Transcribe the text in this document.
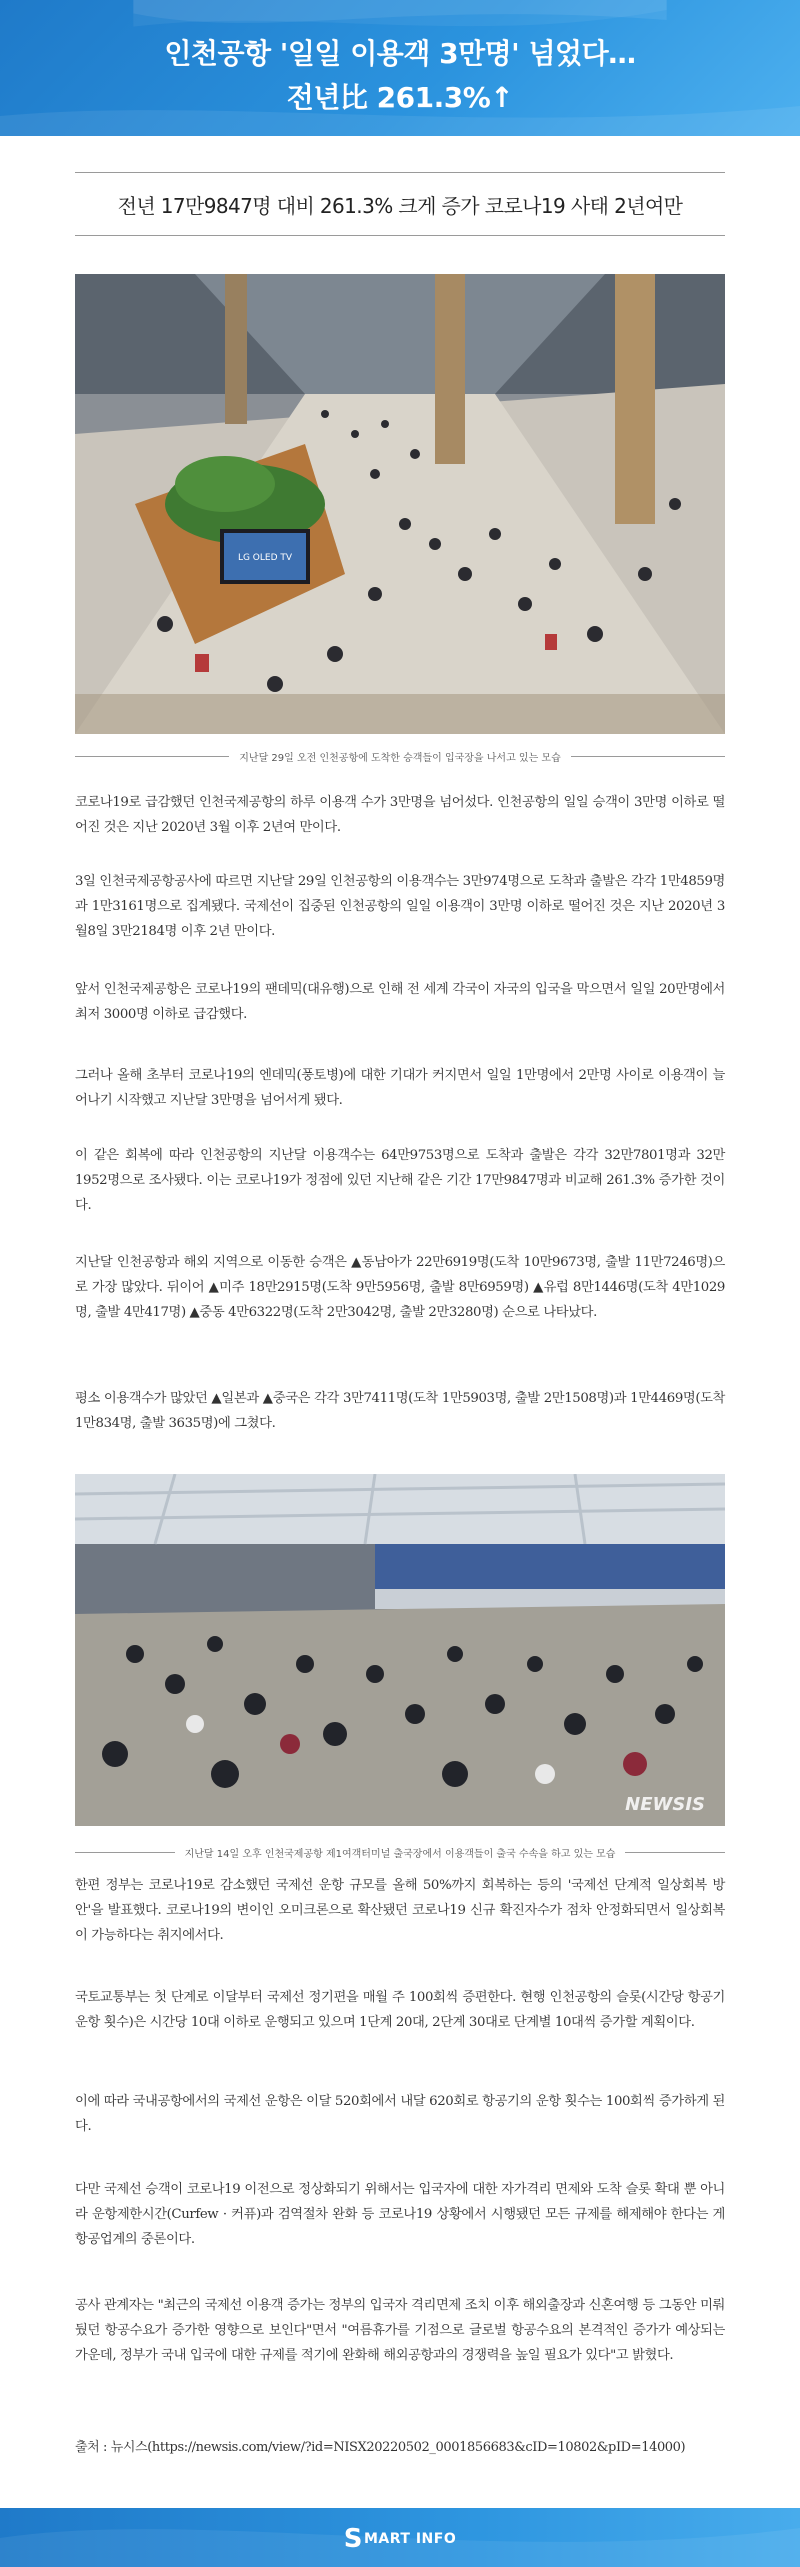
인천공항 '일일 이용객 3만명' 넘었다…
전년比 261.3%↑
전년 17만9847명 대비 261.3% 크게 증가 코로나19 사태 2년여만
LG OLED TV
지난달 29일 오전 인천공항에 도착한 승객들이 입국장을 나서고 있는 모습

코로나19로 급감했던 인천국제공항의 하루 이용객 수가 3만명을 넘어섰다. 인천공항의 일일 승객이 3만명 이하로 떨어진 것은 지난 2020년 3월 이후 2년여 만이다.

3일 인천국제공항공사에 따르면 지난달 29일 인천공항의 이용객수는 3만974명으로 도착과 출발은 각각 1만4859명과 1만3161명으로 집계됐다. 국제선이 집중된 인천공항의 일일 이용객이 3만명 이하로 떨어진 것은 지난 2020년 3월8일 3만2184명 이후 2년 만이다.

앞서 인천국제공항은 코로나19의 팬데믹(대유행)으로 인해 전 세계 각국이 자국의 입국을 막으면서 일일 20만명에서 최저 3000명 이하로 급감했다.

그러나 올해 초부터 코로나19의 엔데믹(풍토병)에 대한 기대가 커지면서 일일 1만명에서 2만명 사이로 이용객이 늘어나기 시작했고 지난달 3만명을 넘어서게 됐다.

이 같은 회복에 따라 인천공항의 지난달 이용객수는 64만9753명으로 도착과 출발은 각각 32만7801명과 32만1952명으로 조사됐다. 이는 코로나19가 정점에 있던 지난해 같은 기간 17만9847명과 비교해 261.3% 증가한 것이다.

지난달 인천공항과 해외 지역으로 이동한 승객은 ▲동남아가 22만6919명(도착 10만9673명, 출발 11만7246명)으로 가장 많았다. 뒤이어 ▲미주 18만2915명(도착 9만5956명, 출발 8만6959명) ▲유럽 8만1446명(도착 4만1029명, 출발 4만417명) ▲중동 4만6322명(도착 2만3042명, 출발 2만3280명) 순으로 나타났다.

평소 이용객수가 많았던 ▲일본과 ▲중국은 각각 3만7411명(도착 1만5903명, 출발 2만1508명)과 1만4469명(도착 1만834명, 출발 3635명)에 그쳤다.

NEWSIS
지난달 14일 오후 인천국제공항 제1여객터미널 출국장에서 이용객들이 출국 수속을 하고 있는 모습

한편 정부는 코로나19로 감소했던 국제선 운항 규모를 올해 50%까지 회복하는 등의 '국제선 단계적 일상회복 방안'을 발표했다. 코로나19의 변이인 오미크론으로 확산됐던 코로나19 신규 확진자수가 점차 안정화되면서 일상회복이 가능하다는 취지에서다.

국토교통부는 첫 단계로 이달부터 국제선 정기편을 매월 주 100회씩 증편한다. 현행 인천공항의 슬롯(시간당 항공기 운항 횟수)은 시간당 10대 이하로 운행되고 있으며 1단계 20대, 2단계 30대로 단계별 10대씩 증가할 계획이다.

이에 따라 국내공항에서의 국제선 운항은 이달 520회에서 내달 620회로 항공기의 운항 횟수는 100회씩 증가하게 된다.

다만 국제선 승객이 코로나19 이전으로 정상화되기 위해서는 입국자에 대한 자가격리 면제와 도착 슬롯 확대 뿐 아니라 운항제한시간(Curfew · 커퓨)과 검역절차 완화 등 코로나19 상황에서 시행됐던 모든 규제를 해제해야 한다는 게 항공업계의 중론이다.

공사 관계자는 "최근의 국제선 이용객 증가는 정부의 입국자 격리면제 조치 이후 해외출장과 신혼여행 등 그동안 미뤄뒀던 항공수요가 증가한 영향으로 보인다"면서 "여름휴가를 기점으로 글로벌 항공수요의 본격적인 증가가 예상되는 가운데, 정부가 국내 입국에 대한 규제를 적기에 완화해 해외공항과의 경쟁력을 높일 필요가 있다"고 밝혔다.

출처 : 뉴시스(https://newsis.com/view/?id=NISX20220502_0001856683&cID=10802&pID=14000)

SMART INFO
